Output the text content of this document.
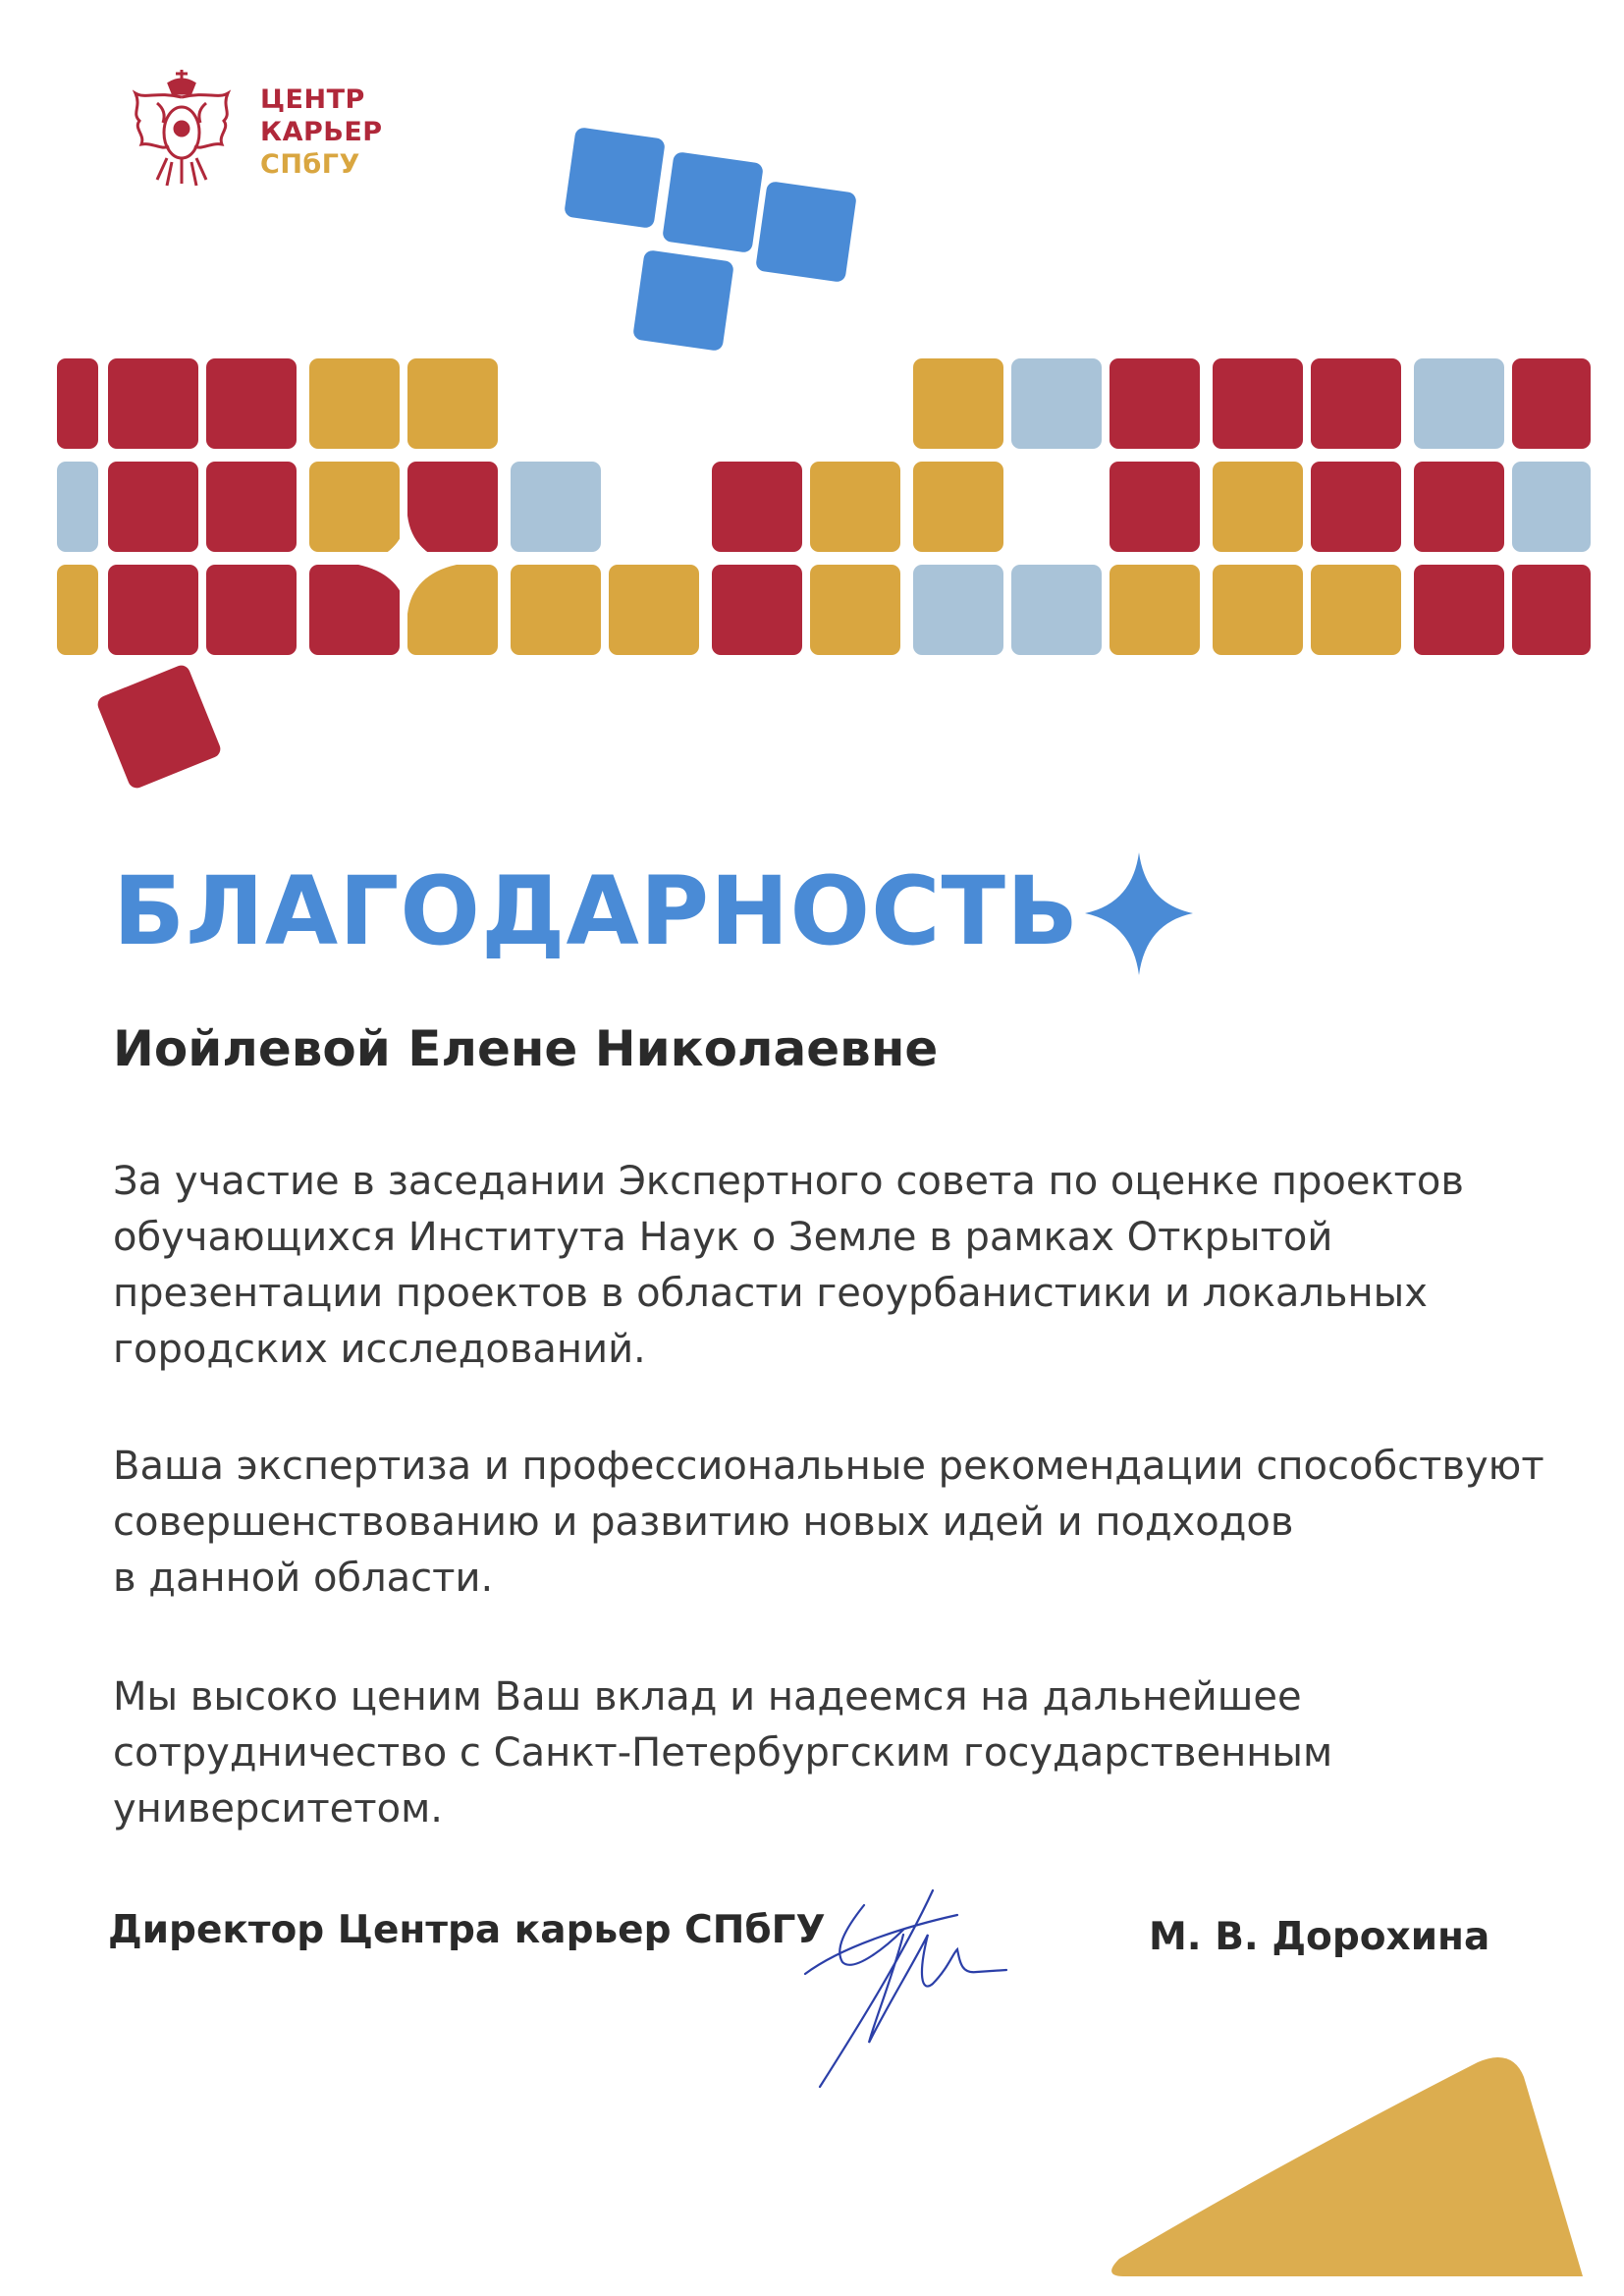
ЦЕНТР
КАРЬЕР
СПбГУ
БЛАГОДАРНОСТЬ
Иойлевой Елене Николаевне
За участие в заседании Экспертного совета по оценке проектов
обучающихся Института Наук о Земле в рамках Открытой
презентации проектов в области геоурбанистики и локальных
городских исследований.
Ваша экспертиза и профессиональные рекомендации способствуют
совершенствованию и развитию новых идей и подходов
в данной области.
Мы высоко ценим Ваш вклад и надеемся на дальнейшее
сотрудничество с Санкт-Петербургским государственным
университетом.

Директор Центра карьер СПбГУ	М. В. Дорохина
